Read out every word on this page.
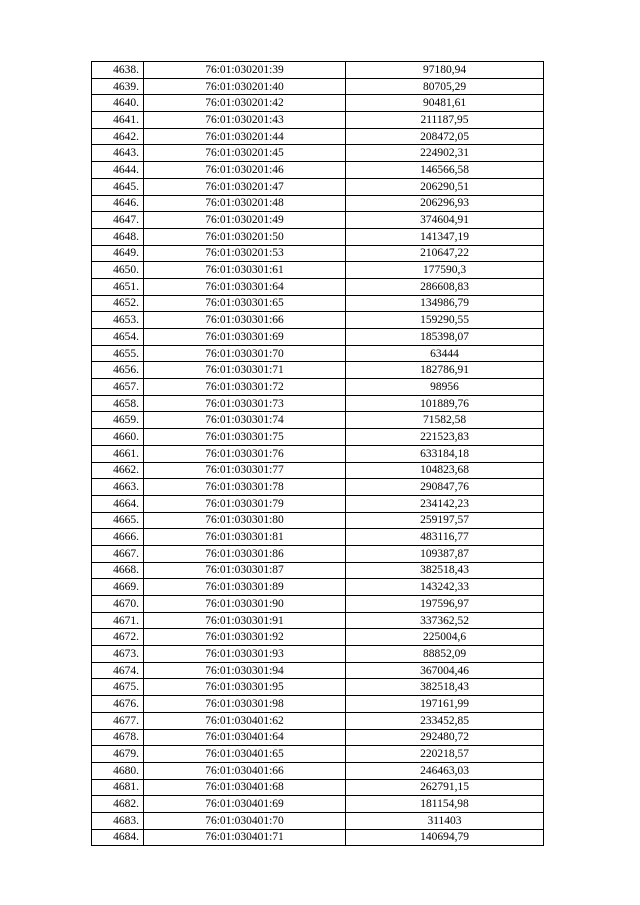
4638.	76:01:030201:39	97180,94
4639.	76:01:030201:40	80705,29
4640.	76:01:030201:42	90481,61
4641.	76:01:030201:43	211187,95
4642.	76:01:030201:44	208472,05
4643.	76:01:030201:45	224902,31
4644.	76:01:030201:46	146566,58
4645.	76:01:030201:47	206290,51
4646.	76:01:030201:48	206296,93
4647.	76:01:030201:49	374604,91
4648.	76:01:030201:50	141347,19
4649.	76:01:030201:53	210647,22
4650.	76:01:030301:61	177590,3
4651.	76:01:030301:64	286608,83
4652.	76:01:030301:65	134986,79
4653.	76:01:030301:66	159290,55
4654.	76:01:030301:69	185398,07
4655.	76:01:030301:70	63444
4656.	76:01:030301:71	182786,91
4657.	76:01:030301:72	98956
4658.	76:01:030301:73	101889,76
4659.	76:01:030301:74	71582,58
4660.	76:01:030301:75	221523,83
4661.	76:01:030301:76	633184,18
4662.	76:01:030301:77	104823,68
4663.	76:01:030301:78	290847,76
4664.	76:01:030301:79	234142,23
4665.	76:01:030301:80	259197,57
4666.	76:01:030301:81	483116,77
4667.	76:01:030301:86	109387,87
4668.	76:01:030301:87	382518,43
4669.	76:01:030301:89	143242,33
4670.	76:01:030301:90	197596,97
4671.	76:01:030301:91	337362,52
4672.	76:01:030301:92	225004,6
4673.	76:01:030301:93	88852,09
4674.	76:01:030301:94	367004,46
4675.	76:01:030301:95	382518,43
4676.	76:01:030301:98	197161,99
4677.	76:01:030401:62	233452,85
4678.	76:01:030401:64	292480,72
4679.	76:01:030401:65	220218,57
4680.	76:01:030401:66	246463,03
4681.	76:01:030401:68	262791,15
4682.	76:01:030401:69	181154,98
4683.	76:01:030401:70	311403
4684.	76:01:030401:71	140694,79
